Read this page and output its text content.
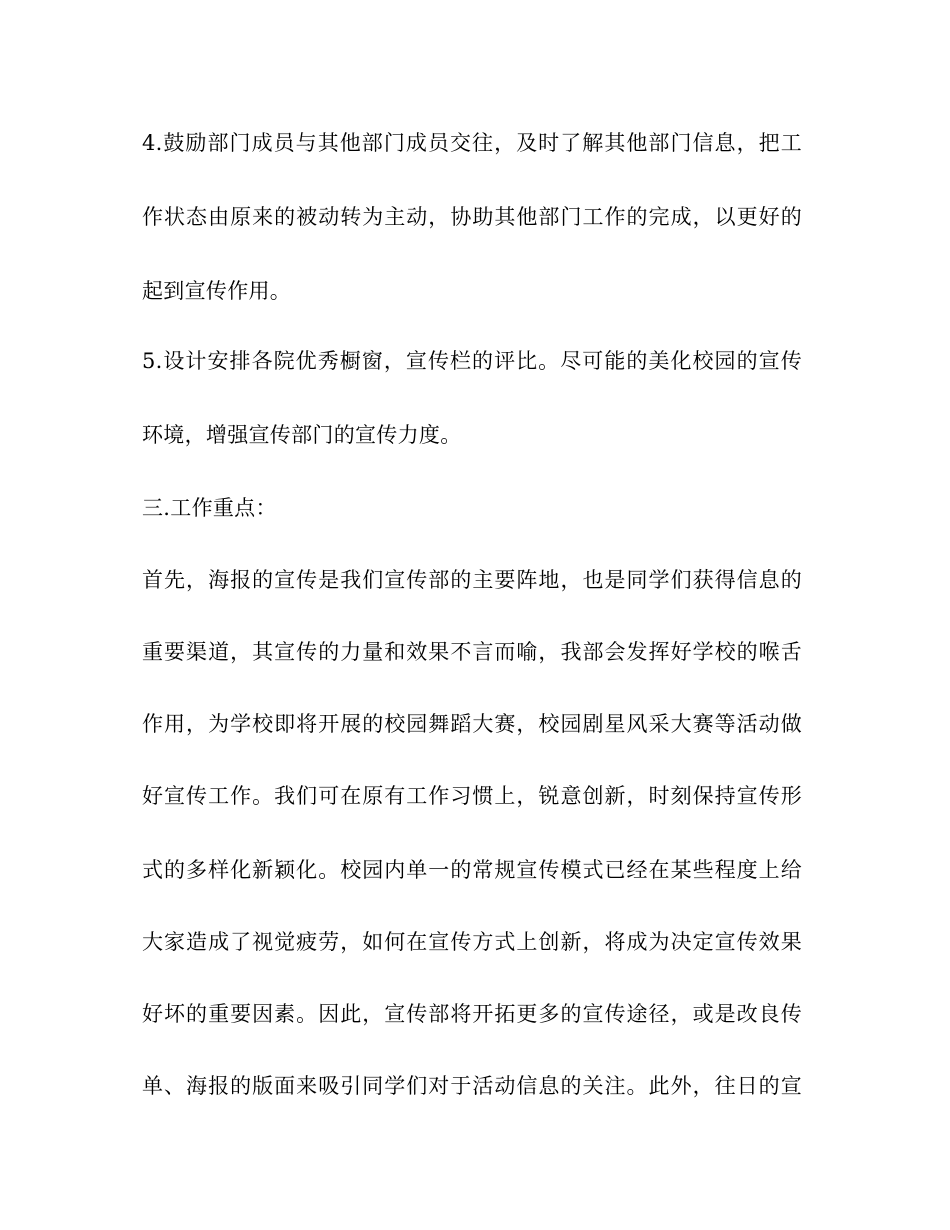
4.鼓励部门成员与其他部门成员交往，及时了解其他部门信息，把工
作状态由原来的被动转为主动，协助其他部门工作的完成，以更好的
起到宣传作用。
5.设计安排各院优秀橱窗，宣传栏的评比。尽可能的美化校园的宣传
环境，增强宣传部门的宣传力度。
三.工作重点：
首先，海报的宣传是我们宣传部的主要阵地，也是同学们获得信息的
重要渠道，其宣传的力量和效果不言而喻，我部会发挥好学校的喉舌
作用，为学校即将开展的校园舞蹈大赛，校园剧星风采大赛等活动做
好宣传工作。我们可在原有工作习惯上，锐意创新，时刻保持宣传形
式的多样化新颖化。校园内单一的常规宣传模式已经在某些程度上给
大家造成了视觉疲劳，如何在宣传方式上创新，将成为决定宣传效果
好坏的重要因素。因此，宣传部将开拓更多的宣传途径，或是改良传
单、海报的版面来吸引同学们对于活动信息的关注。此外，往日的宣
